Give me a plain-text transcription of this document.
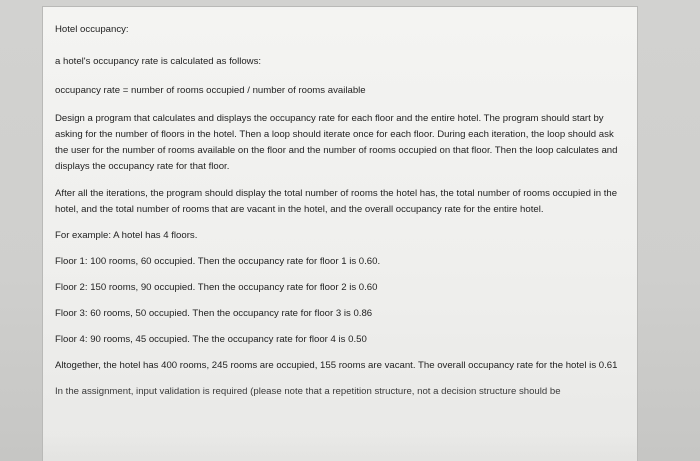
Hotel occupancy:

a hotel's occupancy rate is calculated as follows:

occupancy rate = number of rooms occupied / number of rooms available

Design a program that calculates and displays the occupancy rate for each floor and the entire hotel. The program should start by asking for the number of floors in the hotel. Then a loop should iterate once for each floor. During each iteration, the loop should ask the user for the number of rooms available on the floor and the number of rooms occupied on that floor. Then the loop calculates and displays the occupancy rate for that floor.

After all the iterations, the program should display the total number of rooms the hotel has, the total number of rooms occupied in the hotel, and the total number of rooms that are vacant in the hotel, and the overall occupancy rate for the entire hotel.

For example: A hotel has 4 floors.

Floor 1: 100 rooms, 60 occupied. Then the occupancy rate for floor 1 is 0.60.

Floor 2: 150 rooms, 90 occupied. Then the occupancy rate for floor 2 is 0.60

Floor 3: 60 rooms, 50 occupied. Then the occupancy rate for floor 3 is 0.86

Floor 4: 90 rooms, 45 occupied. The the occupancy rate for floor 4 is 0.50

Altogether, the hotel has 400 rooms, 245 rooms are occupied, 155 rooms are vacant. The overall occupancy rate for the hotel is 0.61

In the assignment, input validation is required (please note that a repetition structure, not a decision structure should be
